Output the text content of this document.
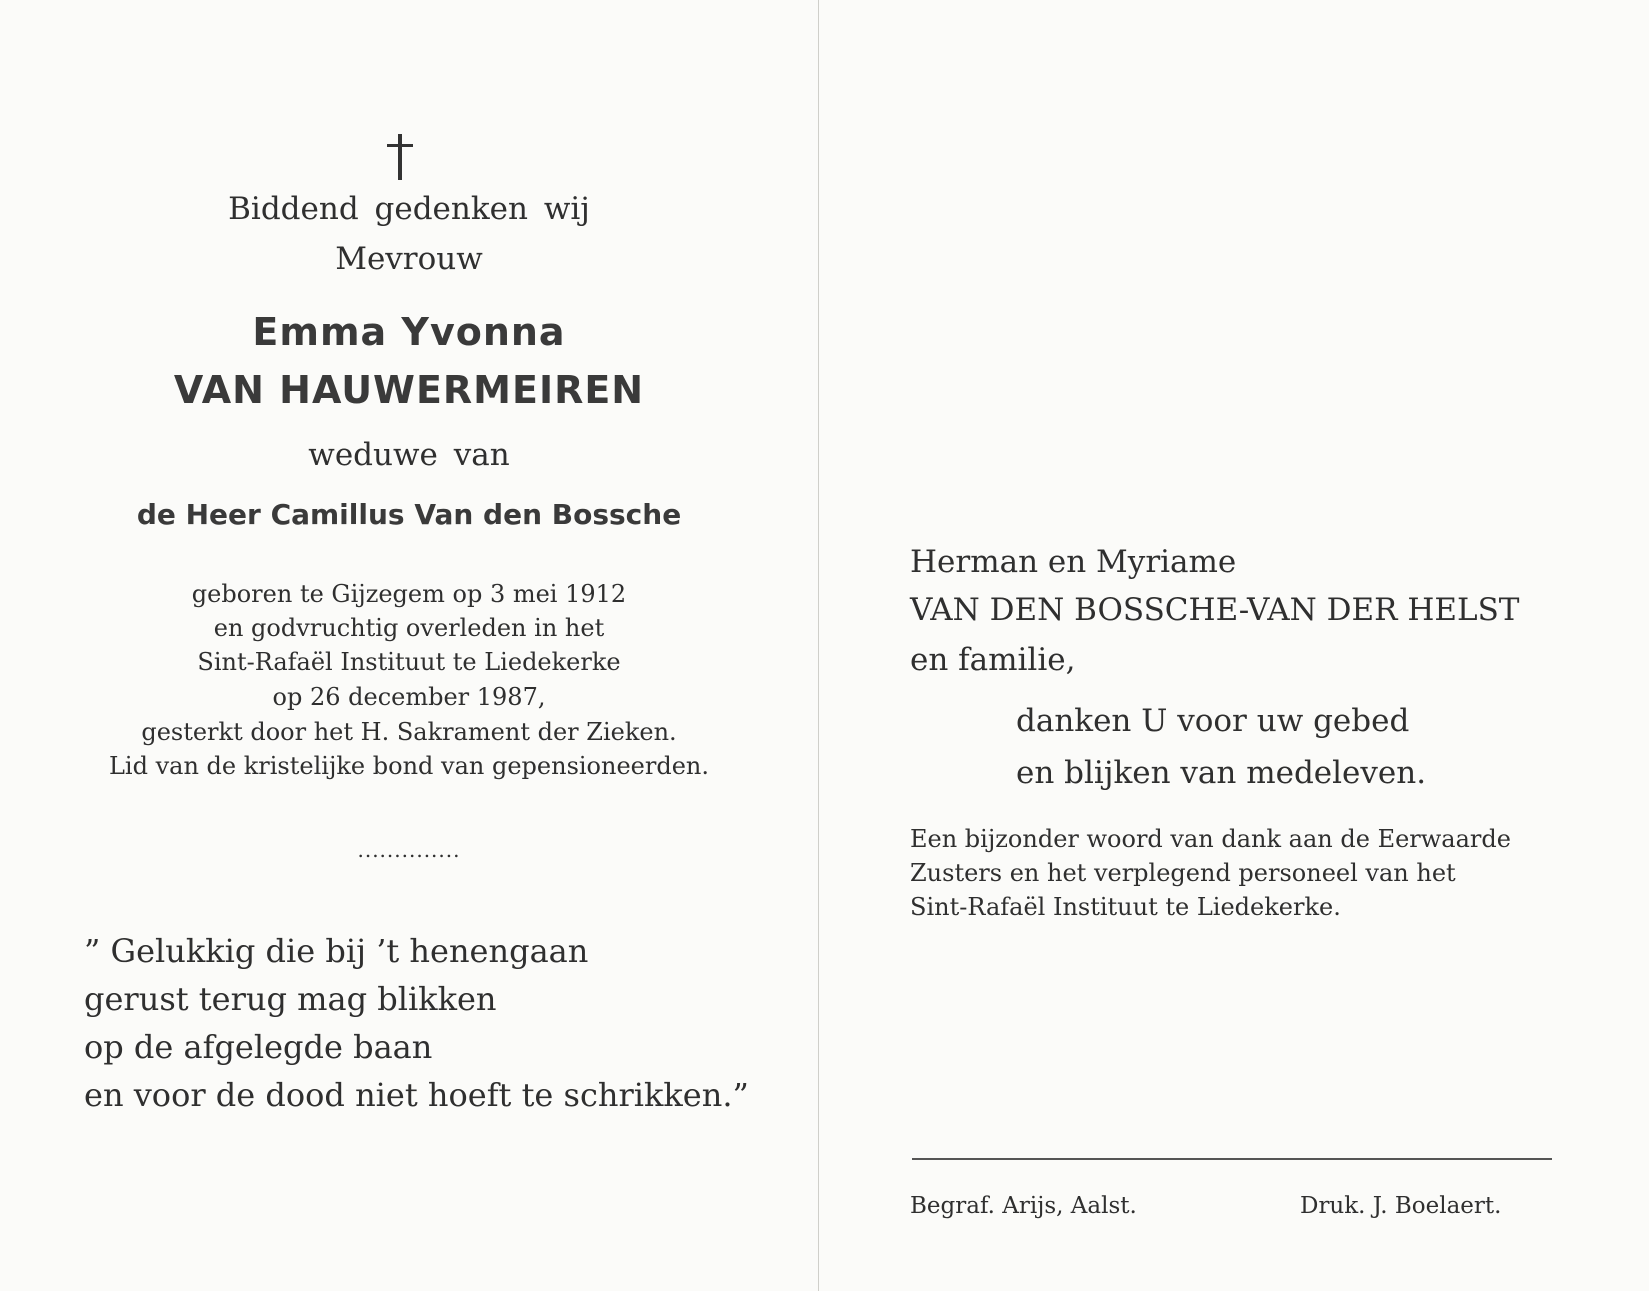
Biddend gedenken wij
Mevrouw
Emma Yvonna
VAN HAUWERMEIREN
weduwe van
de Heer Camillus Van den Bossche
geboren te Gijzegem op 3 mei 1912
en godvruchtig overleden in het
Sint-Rafaël Instituut te Liedekerke
op 26 december 1987,
gesterkt door het H. Sakrament der Zieken.
Lid van de kristelijke bond van gepensioneerden.
..............
” Gelukkig die bij ’t henengaan
gerust terug mag blikken
op de afgelegde baan
en voor de dood niet hoeft te schrikken.”
Herman en Myriame
VAN DEN BOSSCHE-VAN DER HELST
en familie,
danken U voor uw gebed
en blijken van medeleven.
Een bijzonder woord van dank aan de Eerwaarde
Zusters en het verplegend personeel van het
Sint-Rafaël Instituut te Liedekerke.
Begraf. Arijs, Aalst.	Druk. J. Boelaert.
